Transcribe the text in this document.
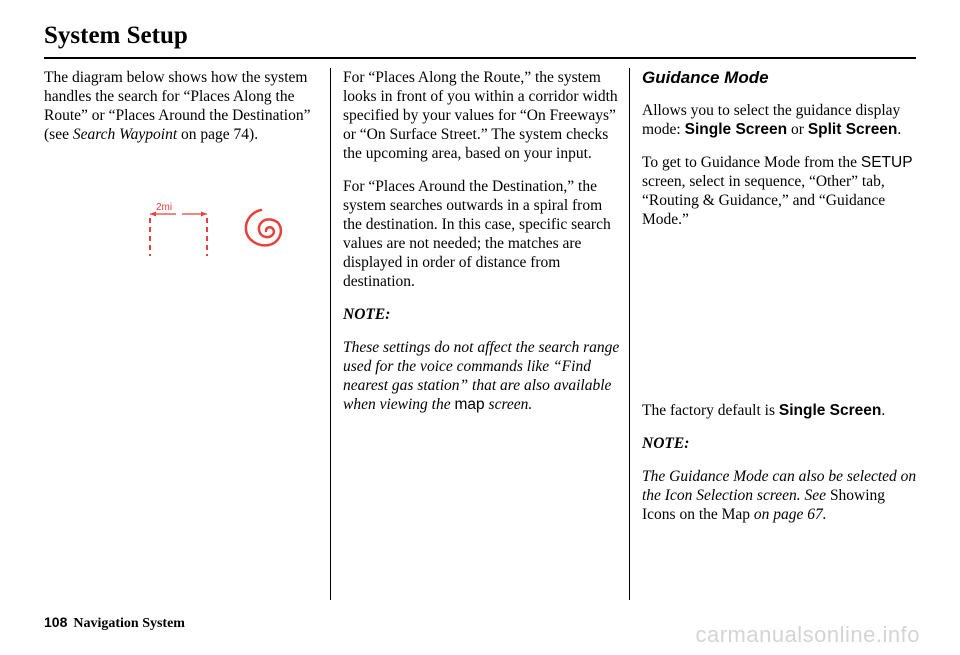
System Setup

The diagram below shows how the system handles the search for “Places Along the Route” or “Places Around the Destination” (see Search Waypoint on page 74).

2mi

For “Places Along the Route,” the system looks in front of you within a corridor width specified by your values for “On Freeways” or “On Surface Street.” The system checks the upcoming area, based on your input.

For “Places Around the Destination,” the system searches outwards in a spiral from the destination. In this case, specific search values are not needed; the matches are displayed in order of distance from destination.

NOTE:

These settings do not affect the search range used for the voice commands like “Find nearest gas station” that are also available when viewing the map screen.

Guidance Mode

Allows you to select the guidance display mode: Single Screen or Split Screen.

To get to Guidance Mode from the SETUP screen, select in sequence, “Other” tab, “Routing & Guidance,” and “Guidance Mode.”

The factory default is Single Screen.

NOTE:

The Guidance Mode can also be selected on the Icon Selection screen. See Showing Icons on the Map on page 67.

108 Navigation System	carmanualsonline.info
